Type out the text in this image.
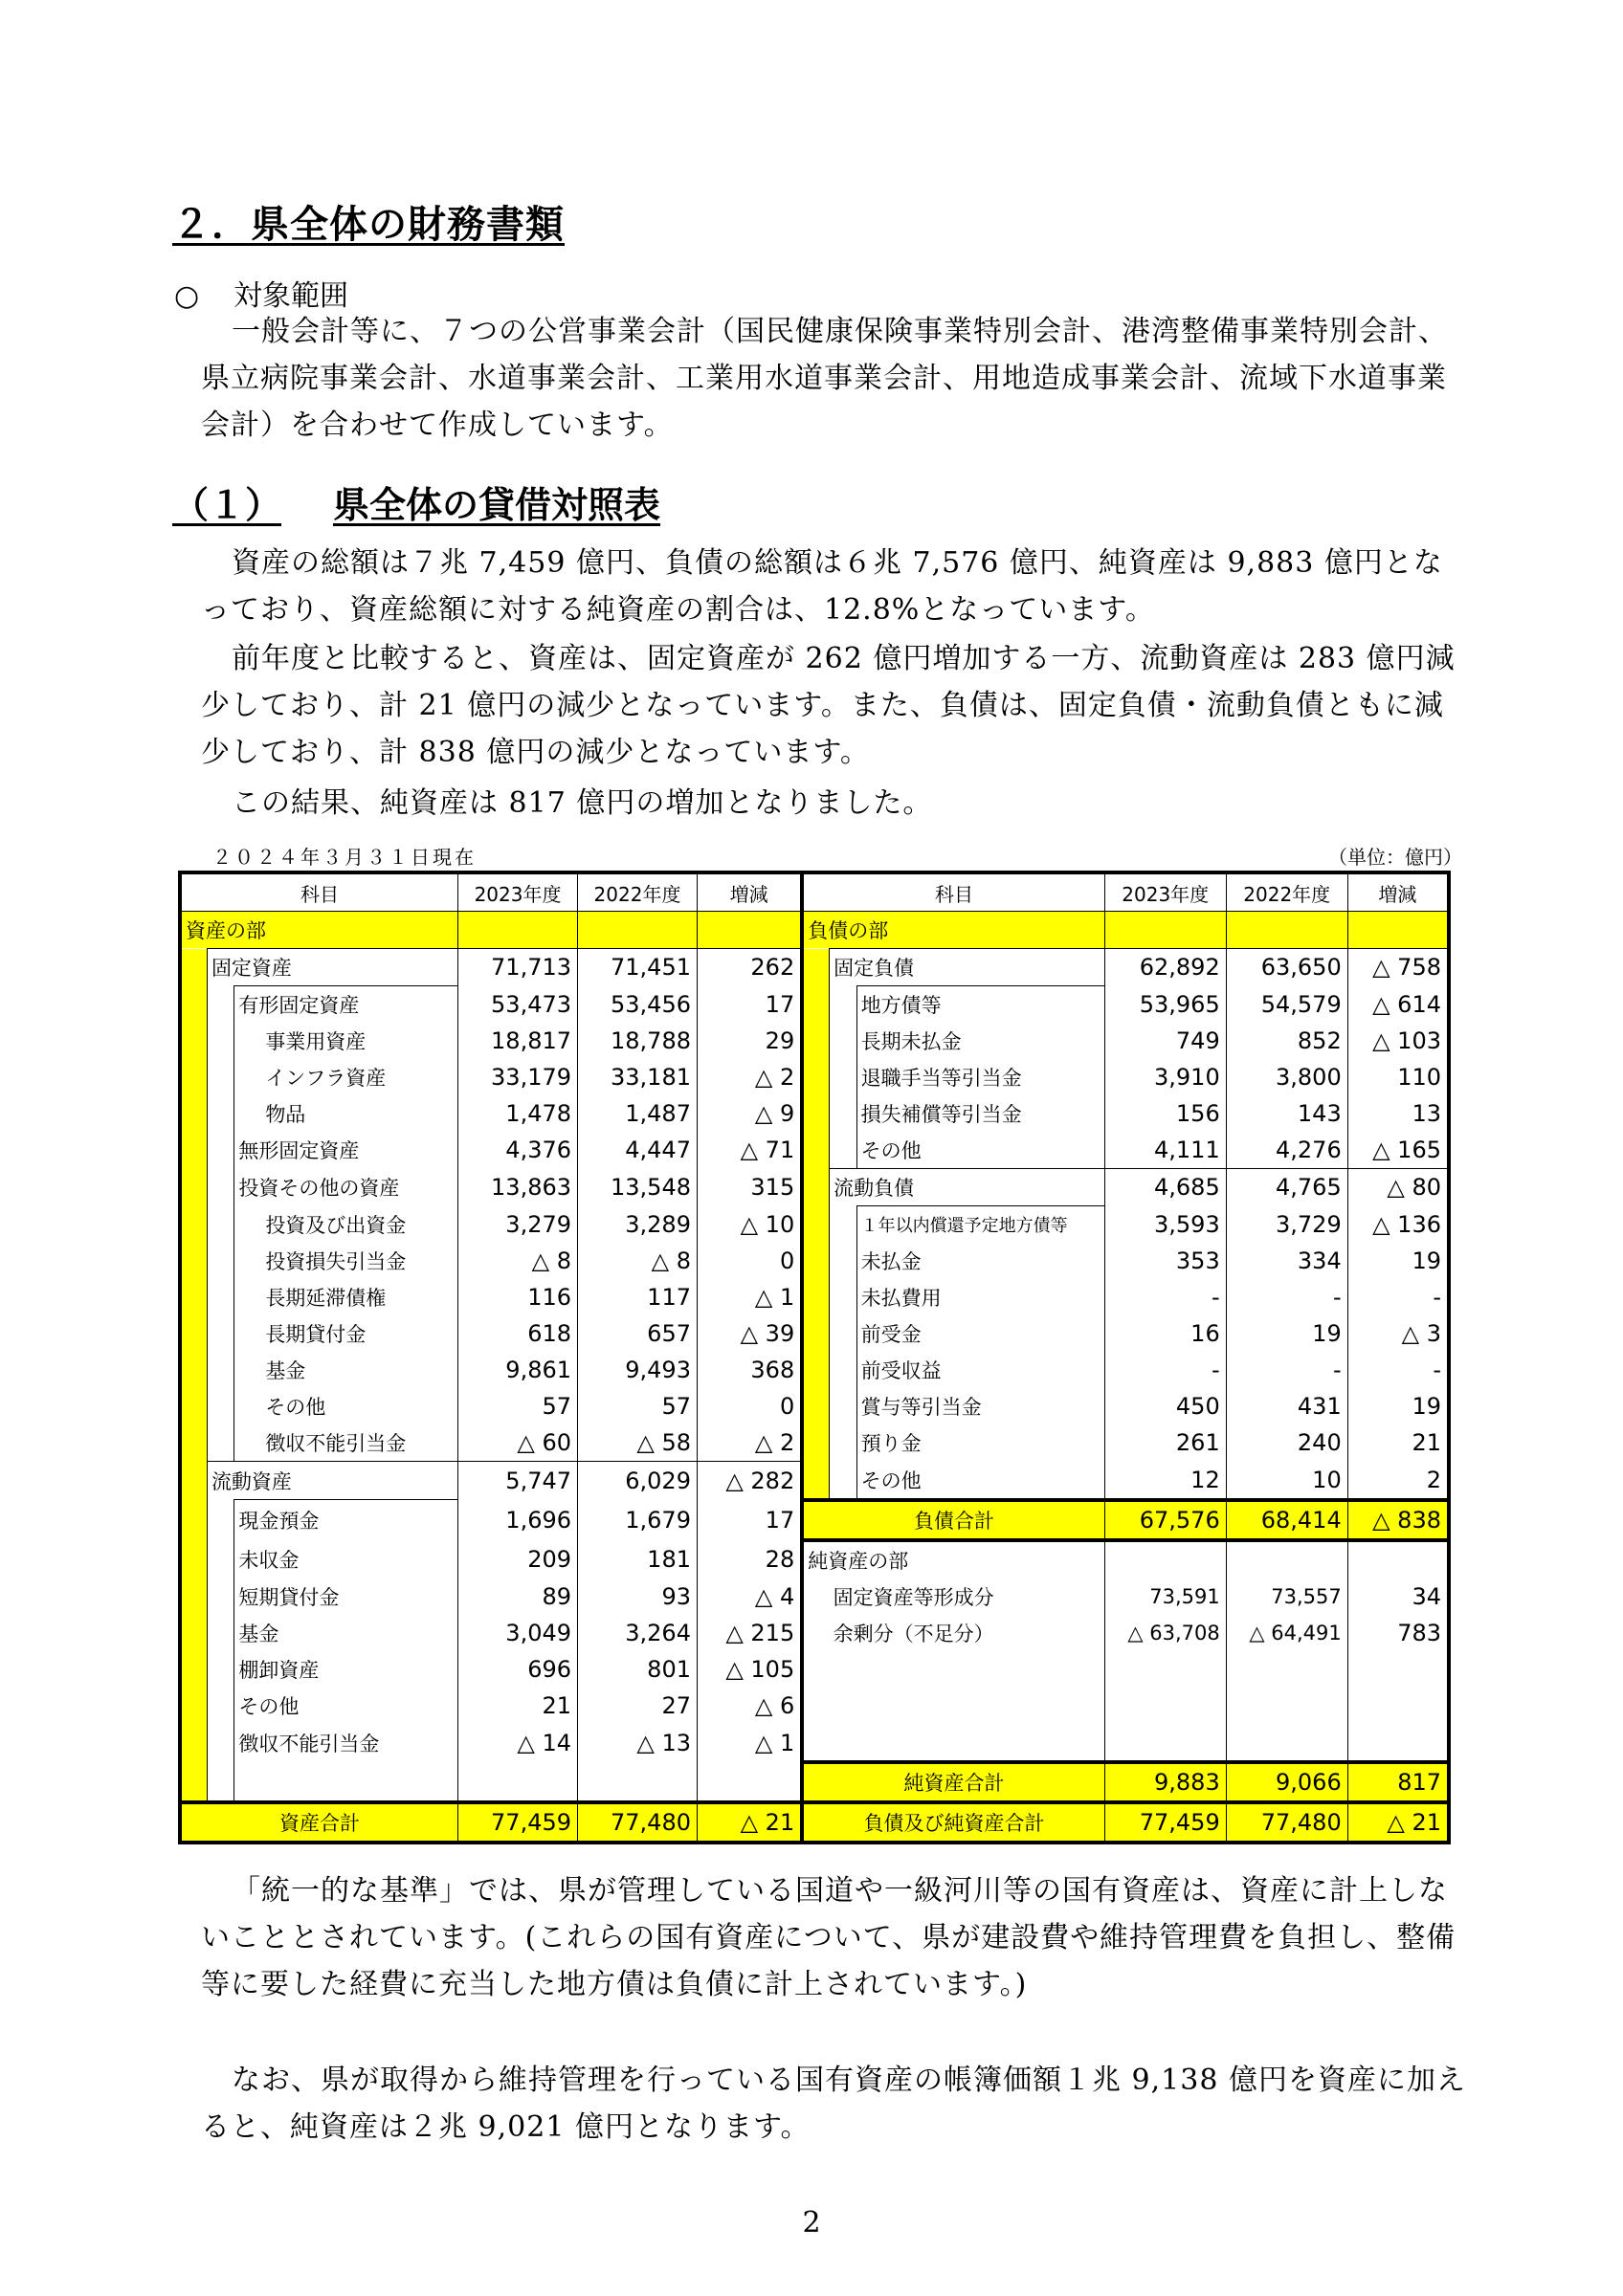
２．県全体の財務書類
○ 対象範囲
一般会計等に、７つの公営事業会計（国民健康保険事業特別会計、港湾整備事業特別会計、県立病院事業会計、水道事業会計、工業用水道事業会計、用地造成事業会計、流域下水道事業会計）を合わせて作成しています。
（１） 県全体の貸借対照表
資産の総額は７兆 7,459 億円、負債の総額は６兆 7,576 億円、純資産は 9,883 億円となっており、資産総額に対する純資産の割合は、12.8%となっています。
前年度と比較すると、資産は、固定資産が 262 億円増加する一方、流動資産は 283 億円減少しており、計 21 億円の減少となっています。また、負債は、固定負債・流動負債ともに減少しており、計 838 億円の減少となっています。
この結果、純資産は 817 億円の増加となりました。
２０２４年３月３１日現在	（単位：億円）
科目				2023年度	2022年度	増減	科目			2023年度	2022年度	増減
資産の部							負債の部					
	固定資産			71,713	71,451	262		固定負債		62,892	63,650	△ 758
		有形固定資産		53,473	53,456	17			地方債等	53,965	54,579	△ 614
			事業用資産	18,817	18,788	29			長期未払金	749	852	△ 103
			インフラ資産	33,179	33,181	△ 2			退職手当等引当金	3,910	3,800	110
			物品	1,478	1,487	△ 9			損失補償等引当金	156	143	13
		無形固定資産		4,376	4,447	△ 71			その他	4,111	4,276	△ 165
		投資その他の資産		13,863	13,548	315		流動負債		4,685	4,765	△ 80
			投資及び出資金	3,279	3,289	△ 10			１年以内償還予定地方債等	3,593	3,729	△ 136
			投資損失引当金	△ 8	△ 8	0			未払金	353	334	19
			長期延滞債権	116	117	△ 1			未払費用	-	-	-
			長期貸付金	618	657	△ 39			前受金	16	19	△ 3
			基金	9,861	9,493	368			前受収益	-	-	-
			その他	57	57	0			賞与等引当金	450	431	19
			徴収不能引当金	△ 60	△ 58	△ 2			預り金	261	240	21
	流動資産			5,747	6,029	△ 282			その他	12	10	2
		現金預金		1,696	1,679	17	負債合計			67,576	68,414	△ 838
		未収金		209	181	28	純資産の部					
		短期貸付金		89	93	△ 4		固定資産等形成分		73,591	73,557	34
		基金		3,049	3,264	△ 215		余剰分（不足分）		△ 63,708	△ 64,491	783
		棚卸資産		696	801	△ 105						
		その他		21	27	△ 6						
		徴収不能引当金		△ 14	△ 13	△ 1						
							純資産合計			9,883	9,066	817
資産合計				77,459	77,480	△ 21	負債及び純資産合計			77,459	77,480	△ 21
「統一的な基準」では、県が管理している国道や一級河川等の国有資産は、資産に計上しないこととされています。(これらの国有資産について、県が建設費や維持管理費を負担し、整備等に要した経費に充当した地方債は負債に計上されています。)
なお、県が取得から維持管理を行っている国有資産の帳簿価額１兆 9,138 億円を資産に加えると、純資産は２兆 9,021 億円となります。
2
